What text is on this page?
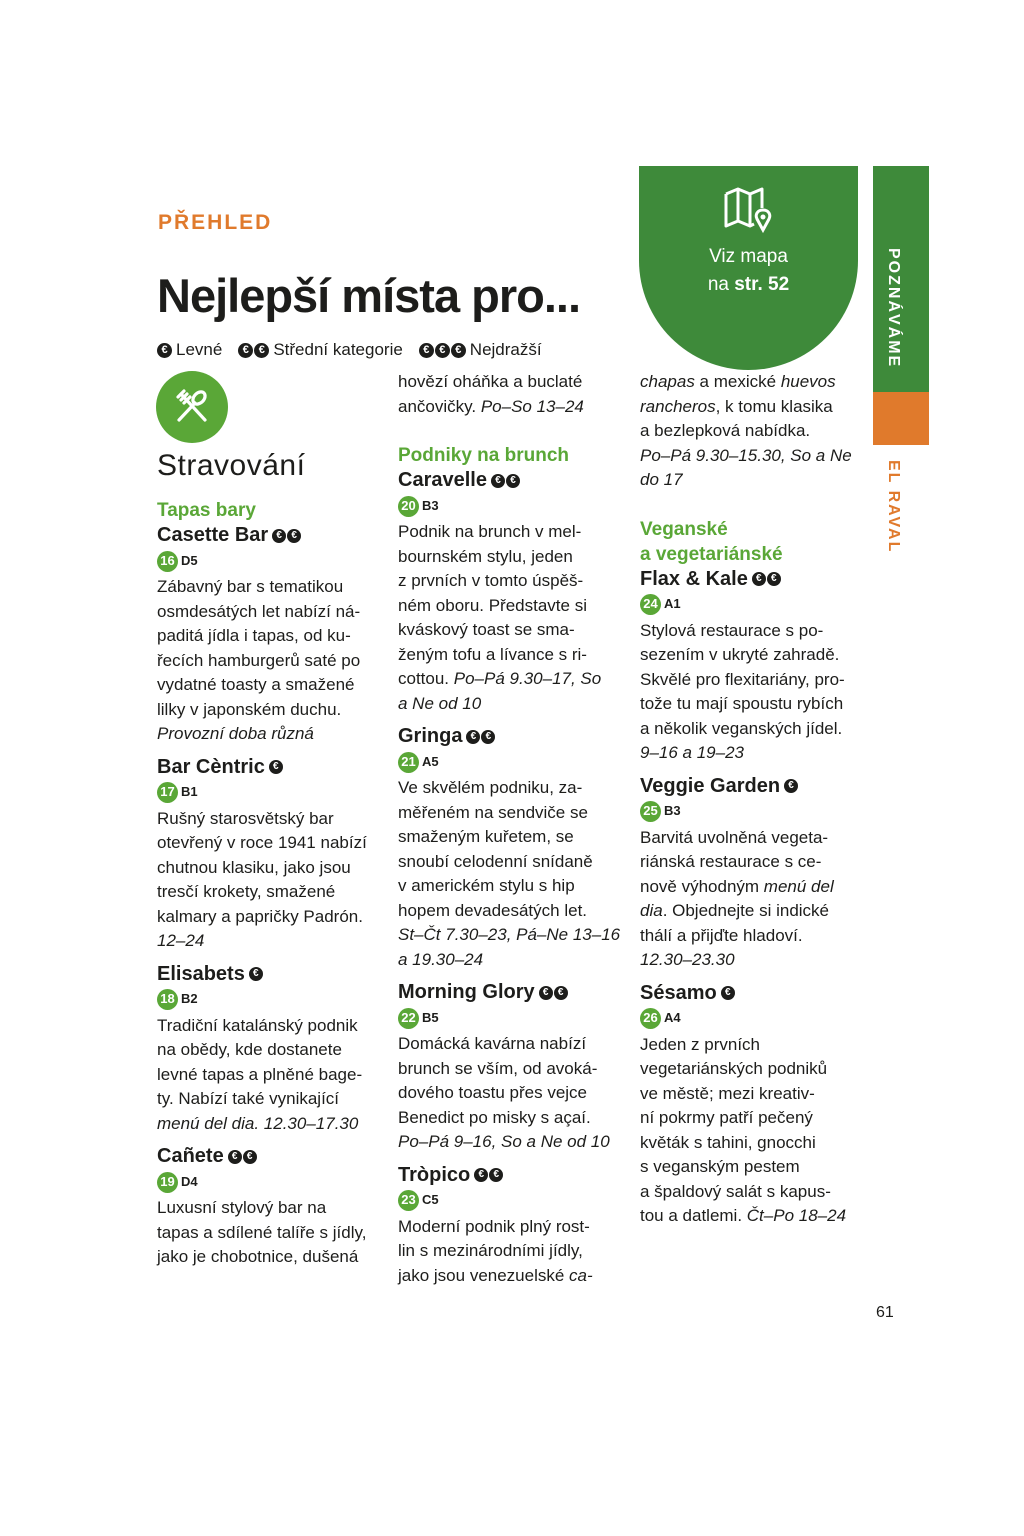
PŘEHLED
Nejlepší místa pro...
€ Levné	€ € Střední kategorie	€ € € Nejdražší
Viz mapa
na str. 52	POZNÁVÁME
EL RAVAL
Stravování
Tapas bary
Casette Bar € €
16 D5

Zábavný bar s tematikou
osmdesátých let nabízí ná-
paditá jídla i tapas, od ku-
řecích hamburgerů saté po
vydatné toasty a smažené
lilky v japonském duchu.
Provozní doba různá

Bar Cèntric €
17 B1

Rušný starosvětský bar
otevřený v roce 1941 nabízí
chutnou klasiku, jako jsou
tresčí krokety, smažené
kalmary a papričky Padrón.
12–24

Elisabets €
18 B2

Tradiční katalánský podnik
na obědy, kde dostanete
levné tapas a plněné bage-
ty. Nabízí také vynikající
menú del dia. 12.30–17.30

Cañete € €
19 D4

Luxusní stylový bar na
tapas a sdílené talíře s jídly,
jako je chobotnice, dušená

hovězí oháňka a buclaté
ančovičky. Po–So 13–24

Podniky na brunch
Caravelle € €
20 B3

Podnik na brunch v mel-
bournském stylu, jeden
z prvních v tomto úspěš-
ném oboru. Představte si
kváskový toast se sma-
ženým tofu a lívance s ri-
cottou. Po–Pá 9.30–17, So
a Ne od 10

Gringa € €
21 A5

Ve skvělém podniku, za-
měřeném na sendviče se
smaženým kuřetem, se
snoubí celodenní snídaně
v americkém stylu s hip
hopem devadesátých let.
St–Čt 7.30–23, Pá–Ne 13–16
a 19.30–24

Morning Glory € €
22 B5

Domácká kavárna nabízí
brunch se vším, od avoká-
dového toastu přes vejce
Benedict po misky s açaí.
Po–Pá 9–16, So a Ne od 10

Tròpico € €
23 C5

Moderní podnik plný rost-
lin s mezinárodními jídly,
jako jsou venezuelské ca-

chapas a mexické huevos
rancheros, k tomu klasika
a bezlepková nabídka.
Po–Pá 9.30–15.30, So a Ne
do 17

Veganské
a vegetariánské
Flax & Kale € €
24 A1

Stylová restaurace s po-
sezením v ukryté zahradě.
Skvělé pro flexitariány, pro-
tože tu mají spoustu rybích
a několik veganských jídel.
9–16 a 19–23

Veggie Garden €
25 B3

Barvitá uvolněná vegeta-
riánská restaurace s ce-
nově výhodným menú del
dia. Objednejte si indické
thálí a přijďte hladoví.
12.30–23.30

Sésamo €
26 A4

Jeden z prvních
vegetariánských podniků
ve městě; mezi kreativ-
ní pokrmy patří pečený
květák s tahini, gnocchi
s veganským pestem
a špaldový salát s kapus-
tou a datlemi. Čt–Po 18–24

61
